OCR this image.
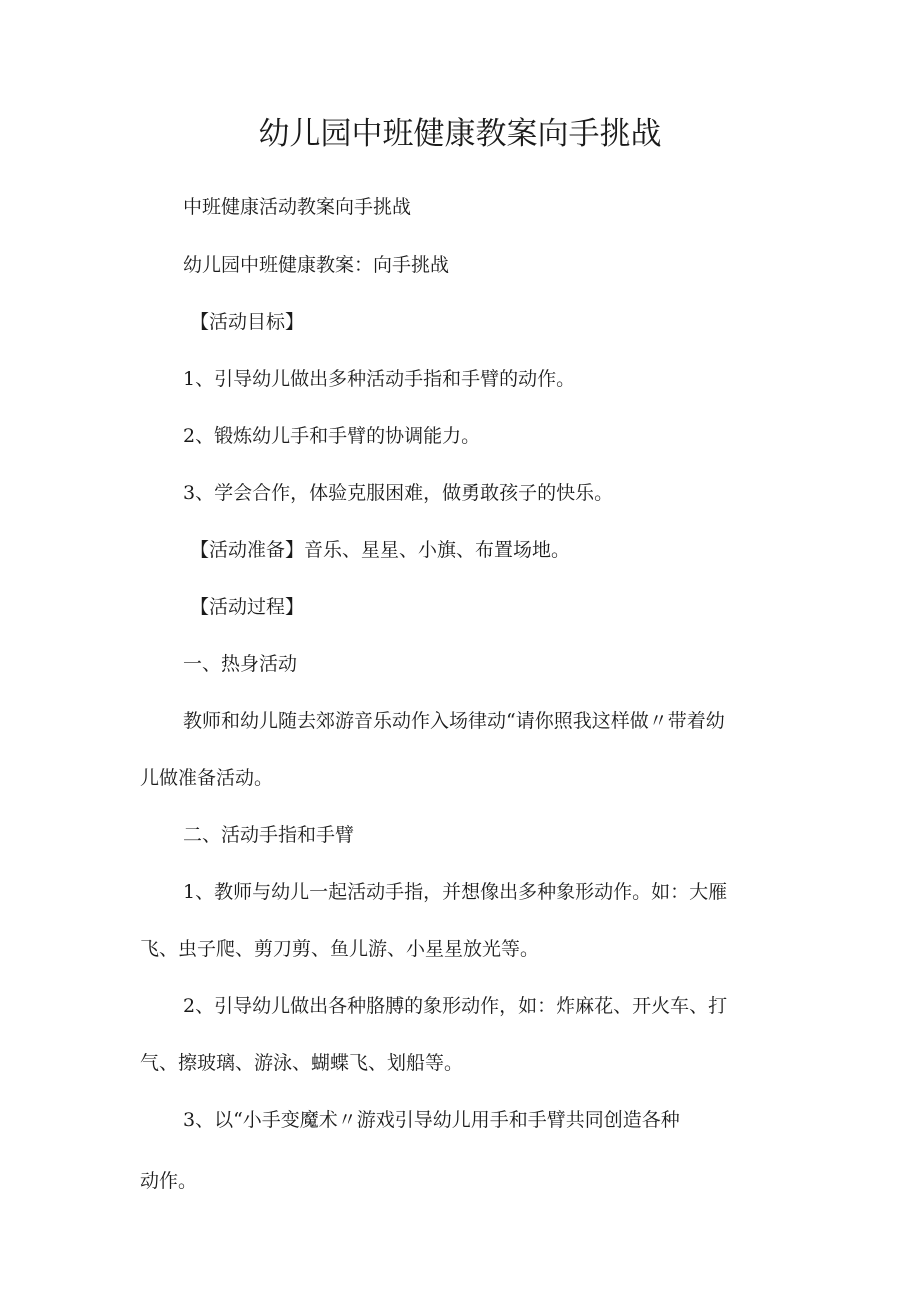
幼儿园中班健康教案向手挑战
中班健康活动教案向手挑战
幼儿园中班健康教案：向手挑战
【活动目标】
1、引导幼儿做出多种活动手指和手臂的动作。
2、锻炼幼儿手和手臂的协调能力。
3、学会合作，体验克服困难，做勇敢孩子的快乐。
【活动准备】音乐、星星、小旗、布置场地。
【活动过程】
一、热身活动
教师和幼儿随去郊游音乐动作入场律动“请你照我这样做〃带着幼
儿做准备活动。
二、活动手指和手臂
1、教师与幼儿一起活动手指，并想像出多种象形动作。如：大雁
飞、虫子爬、剪刀剪、鱼儿游、小星星放光等。
2、引导幼儿做出各种胳膊的象形动作，如：炸麻花、开火车、打
气、擦玻璃、游泳、蝴蝶飞、划船等。
3、以“小手变魔术〃游戏引导幼儿用手和手臂共同创造各种
动作。
